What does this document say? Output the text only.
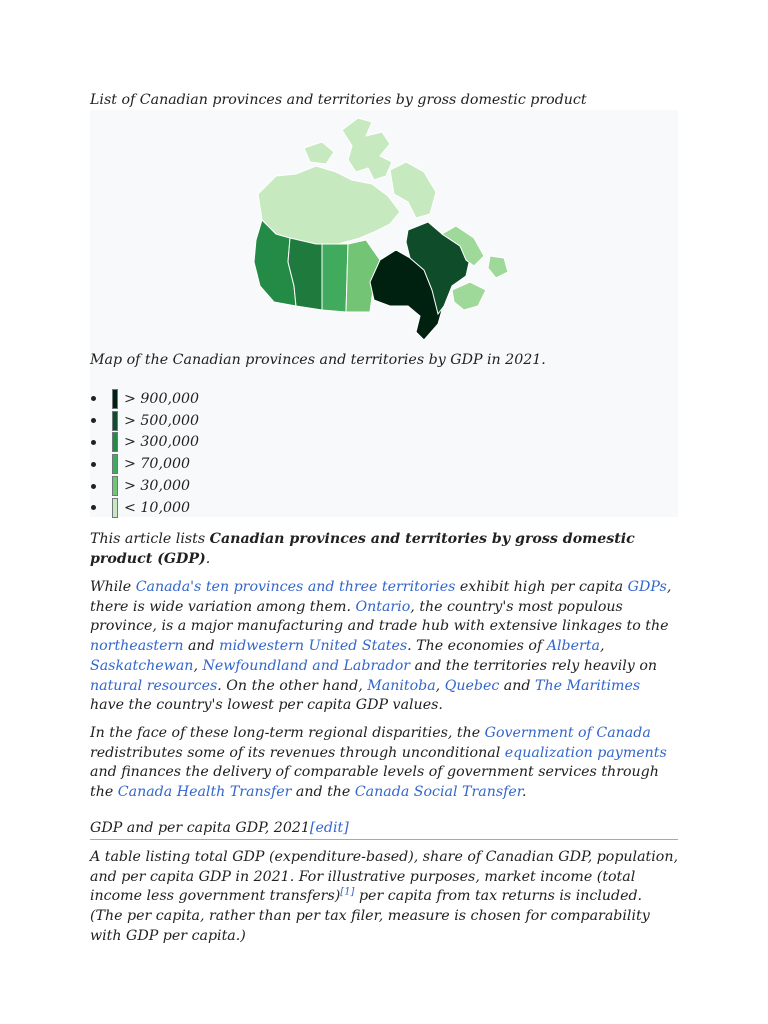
List of Canadian provinces and territories by gross domestic product
Map of the Canadian provinces and territories by GDP in 2021.
> 900,000
> 500,000
> 300,000
> 70,000
> 30,000
< 10,000

This article lists Canadian provinces and territories by gross domestic product (GDP).

While Canada's ten provinces and three territories exhibit high per capita GDPs, there is wide variation among them. Ontario, the country's most populous province, is a major manufacturing and trade hub with extensive linkages to the northeastern and midwestern United States. The economies of Alberta, Saskatchewan, Newfoundland and Labrador and the territories rely heavily on natural resources. On the other hand, Manitoba, Quebec and The Maritimes have the country's lowest per capita GDP values.

In the face of these long-term regional disparities, the Government of Canada redistributes some of its revenues through unconditional equalization payments and finances the delivery of comparable levels of government services through the Canada Health Transfer and the Canada Social Transfer.

GDP and per capita GDP, 2021[edit]

A table listing total GDP (expenditure-based), share of Canadian GDP, population, and per capita GDP in 2021. For illustrative purposes, market income (total income less government transfers)[1] per capita from tax returns is included. (The per capita, rather than per tax filer, measure is chosen for comparability with GDP per capita.)
